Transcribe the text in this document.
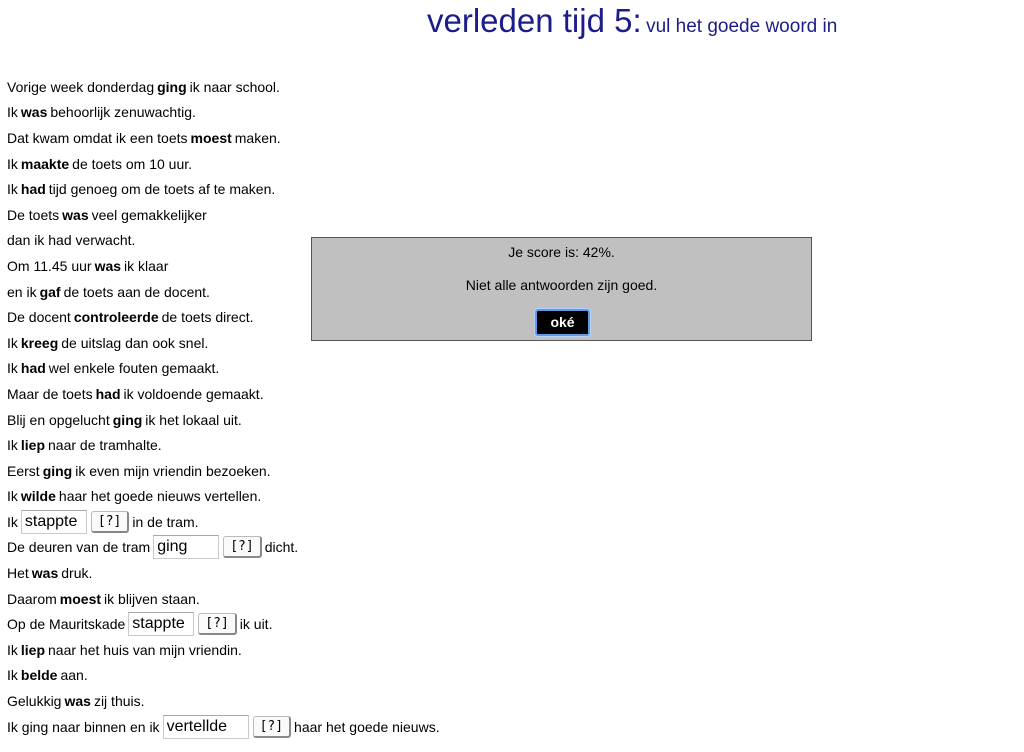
verleden tijd 5: vul het goede woord in
Vorige week donderdag ging ik naar school.
Ik was behoorlijk zenuwachtig.
Dat kwam omdat ik een toets moest maken.
Ik maakte de toets om 10 uur.
Ik had tijd genoeg om de toets af te maken.
De toets was veel gemakkelijker
dan ik had verwacht.
Om 11.45 uur was ik klaar
en ik gaf de toets aan de docent.
De docent controleerde de toets direct.
Ik kreeg de uitslag dan ook snel.
Ik had wel enkele fouten gemaakt.
Maar de toets had ik voldoende gemaakt.
Blij en opgelucht ging ik het lokaal uit.
Ik liep naar de tramhalte.
Eerst ging ik even mijn vriendin bezoeken.
Ik wilde haar het goede nieuws vertellen.
Ik
stappte	[?] in de tram.
De deuren van de tram
ging	[?] dicht.
Het was druk.
Daarom moest ik blijven staan.
Op de Mauritskade
stappte	[?] ik uit.
Ik liep naar het huis van mijn vriendin.
Ik belde aan.
Gelukkig was zij thuis.
Ik ging naar binnen en ik
vertellde	[?] haar het goede nieuws.
Je score is: 42%.
Niet alle antwoorden zijn goed.
oké
